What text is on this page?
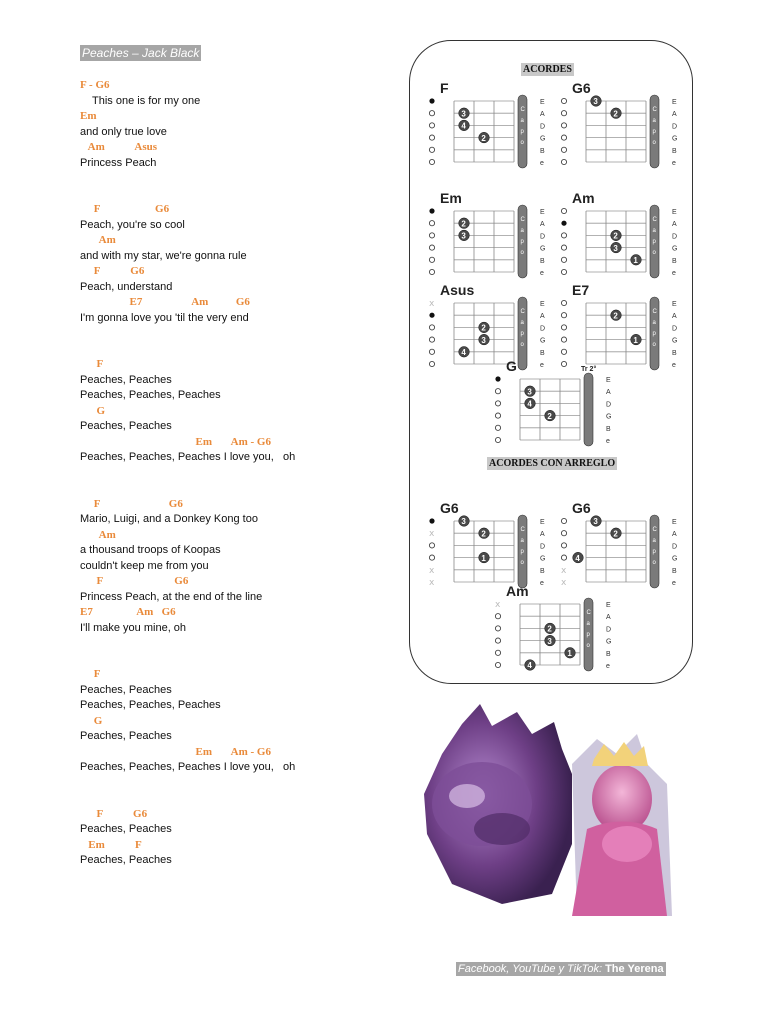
Peaches – Jack Black
F - G6
This one is for my one
Em
and only true love
Am           Asus
Princess Peach
F                    G6
Peach, you're so cool
Am
and with my star, we're gonna rule
F           G6
Peach, understand
E7                  Am          G6
I'm gonna love you 'til the very end
F
Peaches, Peaches
Peaches, Peaches, Peaches
G
Peaches, Peaches
Em       Am - G6
Peaches, Peaches, Peaches I love you,   oh
F                         G6
Mario, Luigi, and a Donkey Kong too
Am
a thousand troops of Koopas
couldn't keep me from you
F                          G6
Princess Peach, at the end of the line
E7                Am   G6
I'll make you mine, oh
F
Peaches, Peaches
Peaches, Peaches, Peaches
G
Peaches, Peaches
Em       Am - G6
Peaches, Peaches, Peaches I love you,   oh
F           G6
Peaches, Peaches
Em           F
Peaches, Peaches
F
E
A
D
G
B
e
C
a
p
o
3
4
2
G6
E
A
D
G
B
e
C
a
p
o
3
2
Em
E
A
D
G
B
e
C
a
p
o
2
3
Am
E
A
D
G
B
e
C
a
p
o
2
3
1
Asus
x	E
A
D
G
B
e
C
a
p
o
2
3
4
E7
E
A
D
G
B
e
C
a
p
o
2
1
G
E
A
D
G
B
e
3
4
2
G6
E
x	A
D
G
x	B
x	e
C
a
p
o
3
2
1
G6
E
A
D
G
x	B
x	e
C
a
p
o
3
2
4
Am
x	E
A
D
G
B
e
C
a
p
o
2
3
1
4
Tr 2°
ACORDES
ACORDES CON ARREGLO
Facebook, YouTube y TikTok: The Yerena
